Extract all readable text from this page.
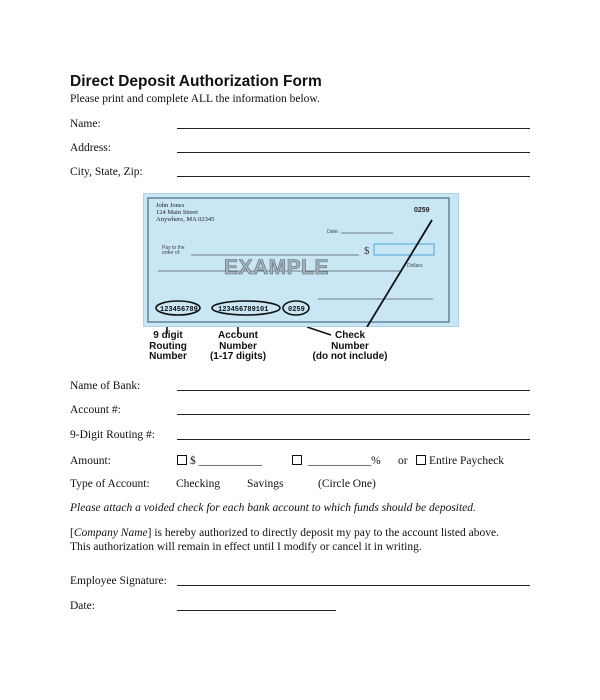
Direct Deposit Authorization Form
Please print and complete ALL the information below.
Name:
Address:
City, State, Zip:
John Jones
124 Main Street
Anywhere, MA 02345
0259
Date:
Pay to the
order of:	$
Dollars
EXAMPLE
123456789	123456789101	0259
9 digit
Routing
Number
Account
Number
(1-17 digits)
Check
Number
(do not include)
Name of Bank:
Account #:
9-Digit Routing #:
Amount:	$ ___________	___________% or	Entire Paycheck
Type of Account: Checking Savings	(Circle One)
Please attach a voided check for each bank account to which funds should be deposited.
[Company Name] is hereby authorized to directly deposit my pay to the account listed above.
This authorization will remain in effect until I modify or cancel it in writing.
Employee Signature:
Date:
